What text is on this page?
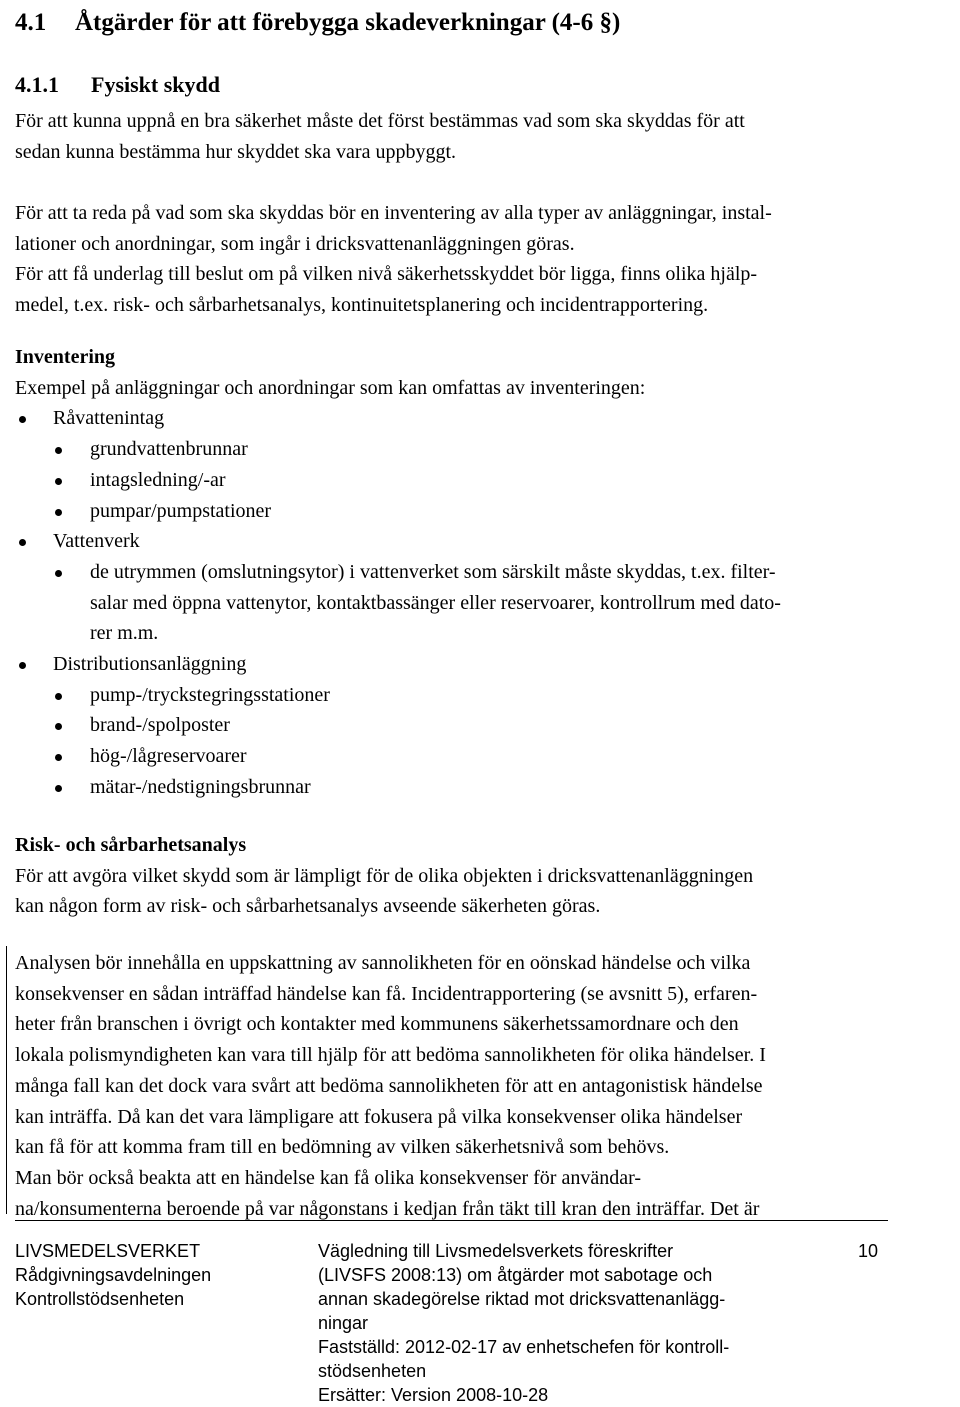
4.1 Åtgärder för att förebygga skadeverkningar (4-6 §)
4.1.1 Fysiskt skydd
För att kunna uppnå en bra säkerhet måste det först bestämmas vad som ska skyddas för att
sedan kunna bestämma hur skyddet ska vara uppbyggt.
För att ta reda på vad som ska skyddas bör en inventering av alla typer av anläggningar, instal-
lationer och anordningar, som ingår i dricksvattenanläggningen göras.
För att få underlag till beslut om på vilken nivå säkerhetsskyddet bör ligga, finns olika hjälp-
medel, t.ex. risk- och sårbarhetsanalys, kontinuitetsplanering och incidentrapportering.
Inventering
Exempel på anläggningar och anordningar som kan omfattas av inventeringen:
Råvattenintag
grundvattenbrunnar
intagsledning/-ar
pumpar/pumpstationer
Vattenverk
de utrymmen (omslutningsytor) i vattenverket som särskilt måste skyddas, t.ex. filter-
salar med öppna vattenytor, kontaktbassänger eller reservoarer, kontrollrum med dato-
rer m.m.
Distributionsanläggning
pump-/tryckstegringsstationer
brand-/spolposter
hög-/lågreservoarer
mätar-/nedstigningsbrunnar
Risk- och sårbarhetsanalys
För att avgöra vilket skydd som är lämpligt för de olika objekten i dricksvattenanläggningen
kan någon form av risk- och sårbarhetsanalys avseende säkerheten göras.
Analysen bör innehålla en uppskattning av sannolikheten för en oönskad händelse och vilka
konsekvenser en sådan inträffad händelse kan få. Incidentrapportering (se avsnitt 5), erfaren-
heter från branschen i övrigt och kontakter med kommunens säkerhetssamordnare och den
lokala polismyndigheten kan vara till hjälp för att bedöma sannolikheten för olika händelser. I
många fall kan det dock vara svårt att bedöma sannolikheten för att en antagonistisk händelse
kan inträffa. Då kan det vara lämpligare att fokusera på vilka konsekvenser olika händelser
kan få för att komma fram till en bedömning av vilken säkerhetsnivå som behövs.
Man bör också beakta att en händelse kan få olika konsekvenser för användar-
na/konsumenterna beroende på var någonstans i kedjan från täkt till kran den inträffar. Det är
LIVSMEDELSVERKET
Rådgivningsavdelningen
Kontrollstödsenheten
Vägledning till Livsmedelsverkets föreskrifter
(LIVSFS 2008:13) om åtgärder mot sabotage och
annan skadegörelse riktad mot dricksvattenanlägg-
ningar
Fastställd: 2012-02-17 av enhetschefen för kontroll-
stödsenheten
Ersätter: Version 2008-10-28
10
